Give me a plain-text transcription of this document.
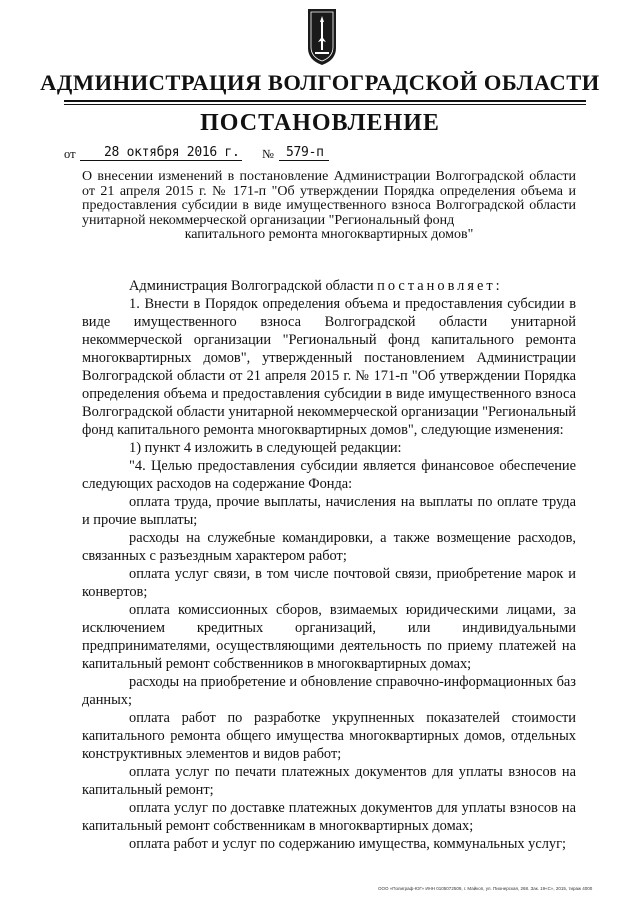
АДМИНИСТРАЦИЯ ВОЛГОГРАДСКОЙ ОБЛАСТИ
ПОСТАНОВЛЕНИЕ
от 28 октября 2016 г. № 579-п

О внесении изменений в постановление Администрации Волгоградской области от 21 апреля 2015 г. № 171-п "Об утверждении Порядка определения объема и предоставления субсидии в виде имущественного взноса Волгоградской области унитарной некоммерческой организации "Региональный фонд

капитального ремонта многоквартирных домов"

Администрация Волгоградской области постановляет:

1. Внести в Порядок определения объема и предоставления субсидии в виде имущественного взноса Волгоградской области унитарной некоммерческой организации "Региональный фонд капитального ремонта многоквартирных домов", утвержденный постановлением Администрации Волгоградской области от 21 апреля 2015 г. № 171-п "Об утверждении Порядка определения объема и предоставления субсидии в виде имущественного взноса Волгоградской области унитарной некоммерческой организации "Региональный фонд капитального ремонта многоквартирных домов", следующие изменения:

1) пункт 4 изложить в следующей редакции:

"4. Целью предоставления субсидии является финансовое обеспечение следующих расходов на содержание Фонда:

оплата труда, прочие выплаты, начисления на выплаты по оплате труда и прочие выплаты;

расходы на служебные командировки, а также возмещение расходов, связанных с разъездным характером работ;

оплата услуг связи, в том числе почтовой связи, приобретение марок и конвертов;

оплата комиссионных сборов, взимаемых юридическими лицами, за исключением кредитных организаций, или индивидуальными предпринимателями, осуществляющими деятельность по приему платежей на капитальный ремонт собственников в многоквартирных домах;

расходы на приобретение и обновление справочно-информационных баз данных;

оплата работ по разработке укрупненных показателей стоимости капитального ремонта общего имущества многоквартирных домов, отдельных конструктивных элементов и видов работ;

оплата услуг по печати платежных документов для уплаты взносов на капитальный ремонт;

оплата услуг по доставке платежных документов для уплаты взносов на капитальный ремонт собственникам в многоквартирных домах;

оплата работ и услуг по содержанию имущества, коммунальных услуг;

ООО «Полиграф-ЮГ» ИНН 0105072509, г. Майкоп, ул. Пионерская, 268. Зак. 19«С», 2015, тираж 4000
